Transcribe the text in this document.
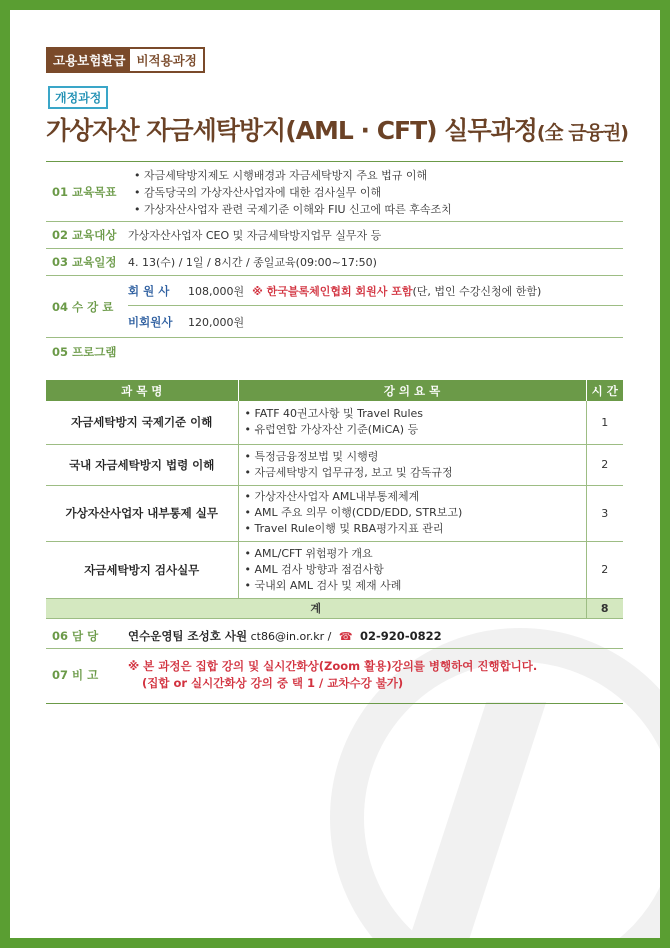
고용보험환급 비적용과정
개정과정
가상자산 자금세탁방지(AML · CFT) 실무과정(全 금융권)
01 교육목표
• 자금세탁방지제도 시행배경과 자금세탁방지 주요 법규 이해
• 감독당국의 가상자산사업자에 대한 검사실무 이해
• 가상자산사업자 관련 국제기준 이해와 FIU 신고에 따른 후속조치
02 교육대상	가상자산사업자 CEO 및 자금세탁방지업무 실무자 등
03 교육일정	4. 13(수) / 1일 / 8시간 / 종일교육(09:00~17:50)
04 수 강 료
회 원 사	108,000원 ※ 한국블록체인협회 회원사 포함 (단, 법인 수강신청에 한함)
비회원사	120,000원
05 프로그램
과 목 명	강 의 요 목	시 간
자금세탁방지 국제기준 이해	• FATF 40권고사항 및 Travel Rules
• 유럽연합 가상자산 기준(MiCA) 등	1
국내 자금세탁방지 법령 이해	• 특정금융정보법 및 시행령
• 자금세탁방지 업무규정, 보고 및 감독규정	2
가상자산사업자 내부통제 실무	• 가상자산사업자 AML내부통제체계
• AML 주요 의무 이행(CDD/EDD, STR보고)
• Travel Rule이행 및 RBA평가지표 관리	3
자금세탁방지 검사실무	• AML/CFT 위험평가 개요
• AML 검사 방향과 점검사항
• 국내외 AML 검사 및 제재 사례	2
계		8
06 담 당	연수운영팀 조성호 사원 ct86@in.or.kr / ☎ 02-920-0822
07 비 고
※ 본 과정은 집합 강의 및 실시간화상(Zoom 활용)강의를 병행하여 진행합니다.
(집합 or 실시간화상 강의 중 택 1 / 교차수강 불가)
